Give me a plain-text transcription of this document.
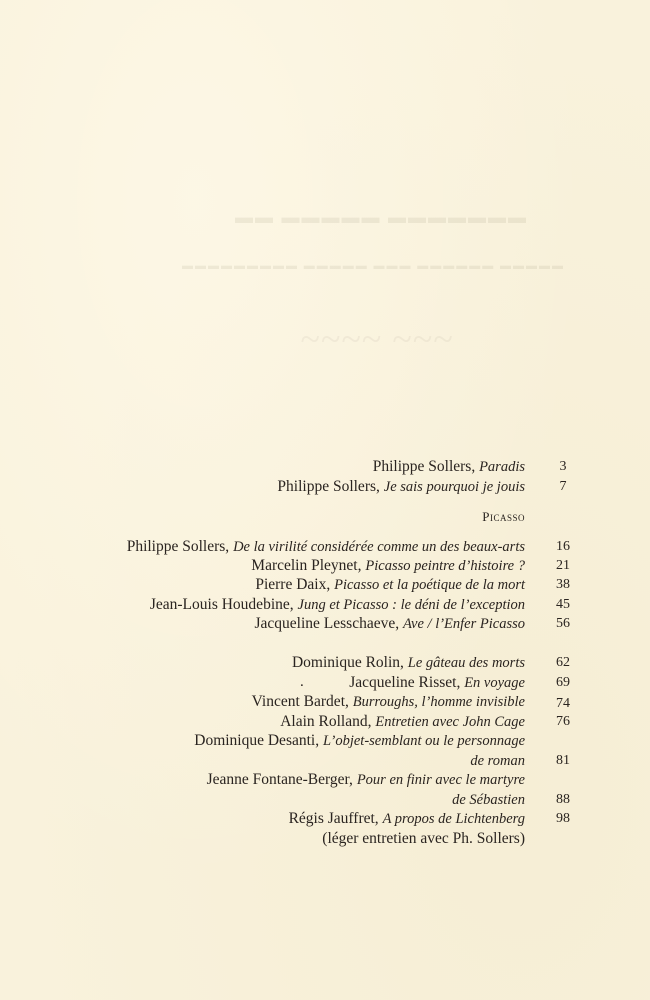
▬▬ ▬▬▬▬▬ ▬▬▬▬▬▬▬
▬▬▬▬▬▬▬▬▬ ▬▬▬▬▬ ▬▬▬ ▬▬▬▬▬▬ ▬▬▬▬▬
~~~~ ~~~
Philippe Sollers, Paradis	3
Philippe Sollers, Je sais pourquoi je jouis	7
Picasso
Philippe Sollers, De la virilité considérée comme un des beaux-arts 16
Marcelin Pleynet, Picasso peintre d’histoire ? 21
Pierre Daix, Picasso et la poétique de la mort 38
Jean-Louis Houdebine, Jung et Picasso : le déni de l’exception 45
Jacqueline Lesschaeve, Ave / l’Enfer Picasso 56
Dominique Rolin, Le gâteau des morts 62
.	Jacqueline Risset, En voyage 69
Vincent Bardet, Burroughs, l’homme invisible 74
Alain Rolland, Entretien avec John Cage 76
Dominique Desanti, L’objet-semblant ou le personnage
de roman 81
Jeanne Fontane-Berger, Pour en finir avec le martyre
de Sébastien 88
Régis Jauffret, A propos de Lichtenberg 98
(léger entretien avec Ph. Sollers)
